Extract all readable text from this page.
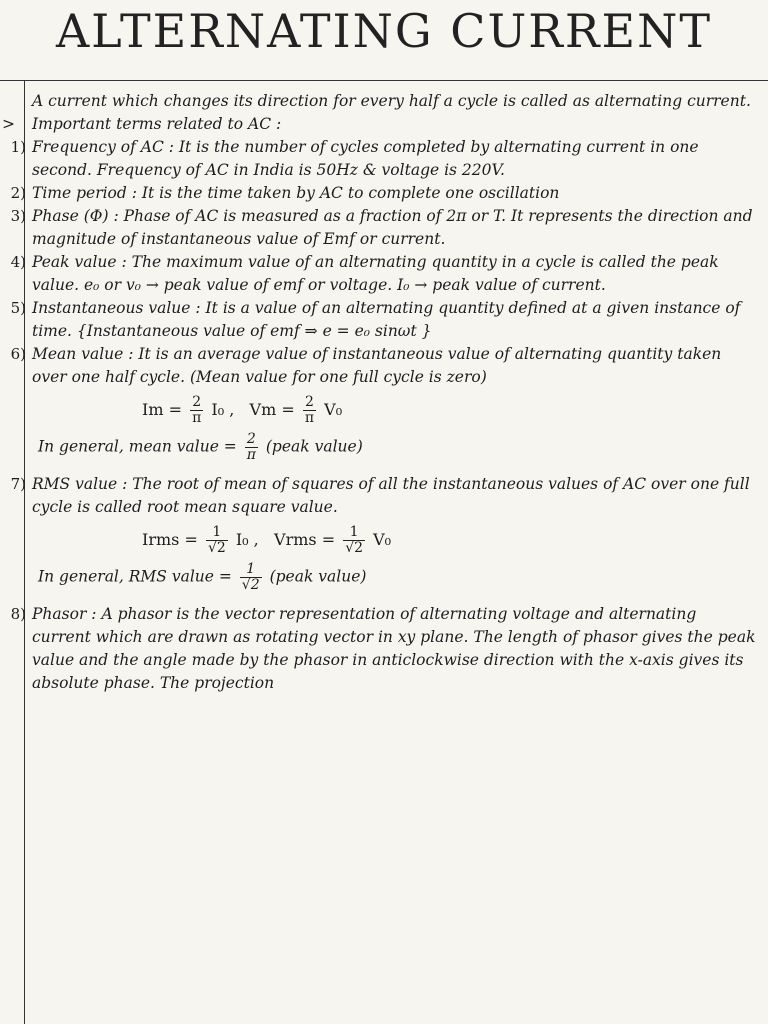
ALTERNATING CURRENT

A current which changes its direction for every half a cycle is called as alternating current.

> Important terms related to AC :

1) Frequency of AC : It is the number of cycles completed by alternating current in one second. Frequency of AC in India is 50Hz & voltage is 220V.

2) Time period : It is the time taken by AC to complete one oscillation

3) Phase (Φ) : Phase of AC is measured as a fraction of 2π or T. It represents the direction and magnitude of instantaneous value of Emf or current.

4) Peak value : The maximum value of an alternating quantity in a cycle is called the peak value. e₀ or v₀ → peak value of emf or voltage. I₀ → peak value of current.

5) Instantaneous value : It is a value of an alternating quantity defined at a given instance of time. {Instantaneous value of emf ⇒ e = e₀ sinωt }

6) Mean value : It is an average value of instantaneous value of alternating quantity taken over one half cycle. (Mean value for one full cycle is zero)

$Im = \frac{2}{\pi} I_0$ , $Vm = \frac{2}{\pi} V_0$
In general, mean value = $\frac{2}{\pi}$ (peak value)

7) RMS value : The root of mean of squares of all the instantaneous values of AC over one full cycle is called root mean square value.

Irms = $\frac{1}{√2} I_0$ , Vrms = $\frac{1}{√2} V_0$
In general, RMS value = $\frac{1}{√2}$ (peak value)

8) Phasor : A phasor is the vector representation of alternating voltage and alternating current which are drawn as rotating vector in xy plane. The length of phasor gives the peak value and the angle made by the phasor in anticlockwise direction with the x-axis gives its absolute phase. The projection
